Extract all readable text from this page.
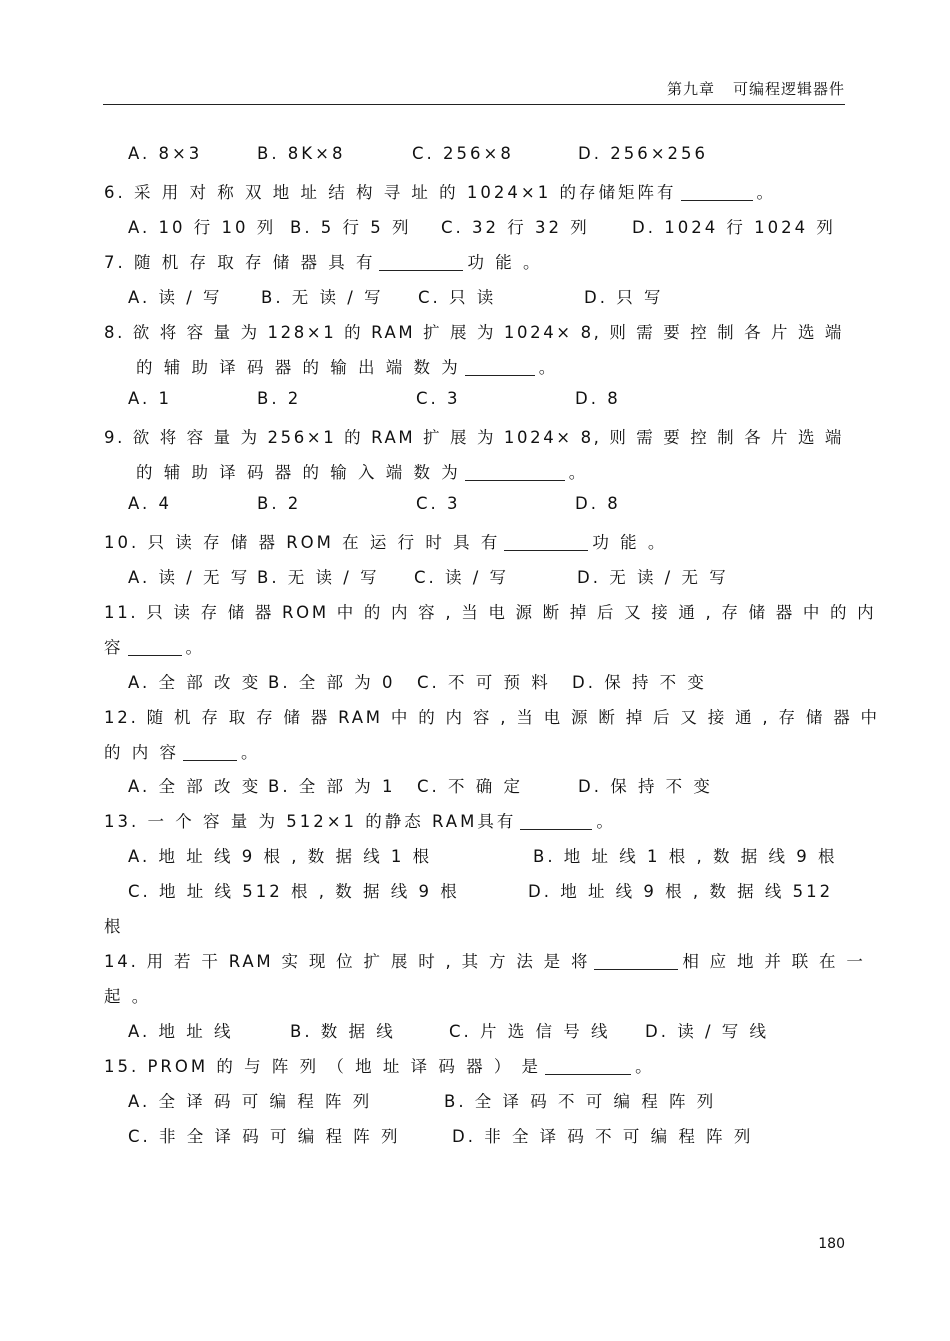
第九章 可编程逻辑器件
A. 8×3	B. 8K×8	C. 256×8	D. 256×256
6. 采 用 对 称 双 地 址 结 构 寻 址 的 1024×1 的存储矩阵有	。
A. 10 行 10 列 B. 5 行 5 列 C. 32 行 32 列	D. 1024 行 1024 列
7. 随 机 存 取 存 储 器 具 有	功 能 。
A. 读 / 写 B. 无 读 / 写 C. 只 读	D. 只 写
8. 欲 将 容 量 为 128×1 的 RAM 扩 展 为 1024× 8, 则 需 要 控 制 各 片 选 端
的 辅 助 译 码 器 的 输 出 端 数 为	。
A. 1	B. 2	C. 3	D. 8
9. 欲 将 容 量 为 256×1 的 RAM 扩 展 为 1024× 8, 则 需 要 控 制 各 片 选 端
的 辅 助 译 码 器 的 输 入 端 数 为	。
A. 4	B. 2	C. 3	D. 8
10. 只 读 存 储 器 ROM 在 运 行 时 具 有	功 能 。
A. 读 / 无 写 B. 无 读 / 写 C. 读 / 写	D. 无 读 / 无 写
11. 只 读 存 储 器 ROM 中 的 内 容 , 当 电 源 断 掉 后 又 接 通 , 存 储 器 中 的 内
容	。
A. 全 部 改 变 B. 全 部 为 0 C. 不 可 预 料 D. 保 持 不 变
12. 随 机 存 取 存 储 器 RAM 中 的 内 容 , 当 电 源 断 掉 后 又 接 通 , 存 储 器 中
的 内 容	。
A. 全 部 改 变 B. 全 部 为 1 C. 不 确 定	D. 保 持 不 变
13. 一 个 容 量 为 512×1 的静态 RAM具有	。
A. 地 址 线 9 根 , 数 据 线 1 根	B. 地 址 线 1 根 , 数 据 线 9 根
C. 地 址 线 512 根 , 数 据 线 9 根	D. 地 址 线 9 根 , 数 据 线 512
根
14. 用 若 干 RAM 实 现 位 扩 展 时 , 其 方 法 是 将	相 应 地 并 联 在 一
起 。
A. 地 址 线	B. 数 据 线	C. 片 选 信 号 线 D. 读 / 写 线
15. PROM 的 与 阵 列 （ 地 址 译 码 器 ） 是	。
A. 全 译 码 可 编 程 阵 列	B. 全 译 码 不 可 编 程 阵 列
C. 非 全 译 码 可 编 程 阵 列	D. 非 全 译 码 不 可 编 程 阵 列
180
